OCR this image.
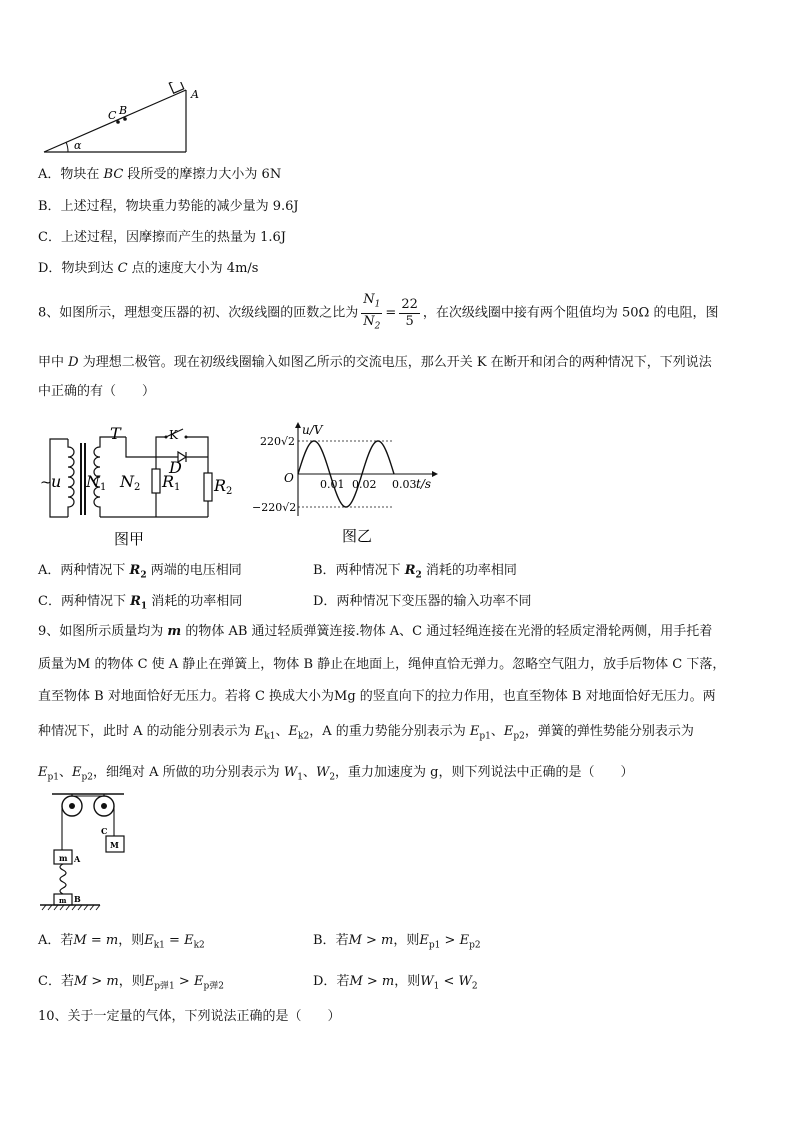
A
C B
α
A．物块在 BC 段所受的摩擦力大小为 6N
B．上述过程，物块重力势能的减少量为 9.6J
C．上述过程，因摩擦而产生的热量为 1.6J
D．物块到达 C 点的速度大小为 4m/s
8、如图所示，理想变压器的初、次级线圈的匝数之比为 $\frac{N_1}{N_2} = \frac{22}{5}$ ，在次级线圈中接有两个阻值均为 50Ω 的电阻，图
甲中 D 为理想二极管。现在初级线圈输入如图乙所示的交流电压，那么开关 K 在断开和闭合的两种情况下，下列说法
中正确的有（　　）
T	K
D
~ u N1 N2 R1 R2
图甲
220√2
−220√2
O
u/V
t/s
0.01 0.02 0.03
图乙
A．两种情况下 $R_2$ 两端的电压相同	B．两种情况下 $R_2$ 消耗的功率相同
C．两种情况下 $R_1$ 消耗的功率相同	D．两种情况下变压器的输入功率不同
9、如图所示质量均为 m 的物体 AB 通过轻质弹簧连接.物体 A、C 通过轻绳连接在光滑的轻质定滑轮两侧，用手托着
质量为M 的物体 C 使 A 静止在弹簧上，物体 B 静止在地面上，绳伸直恰无弹力。忽略空气阻力，放手后物体 C 下落，
直至物体 B 对地面恰好无压力。若将 C 换成大小为Mg 的竖直向下的拉力作用，也直至物体 B 对地面恰好无压力。两
种情况下，此时 A 的动能分别表示为 $E_{k1}$、$E_{k2}$，A 的重力势能分别表示为 $E_{p1}$、$E_{p2}$，弹簧的弹性势能分别表示为
$E_{p1}$、$E_{p2}$，细绳对 A 所做的功分别表示为 $W_1$、$W_2$，重力加速度为 g，则下列说法中正确的是（　　）
M
C
m A
m B
A．若M = m，则$E_{k1} = E_{k2}$	B．若M > m，则$E_{p1} > E_{p2}$
C．若M > m，则$E_{p弹1} > E_{p弹2}$	D．若M > m，则$W_1 < W_2$
10、关于一定量的气体，下列说法正确的是（　　）
